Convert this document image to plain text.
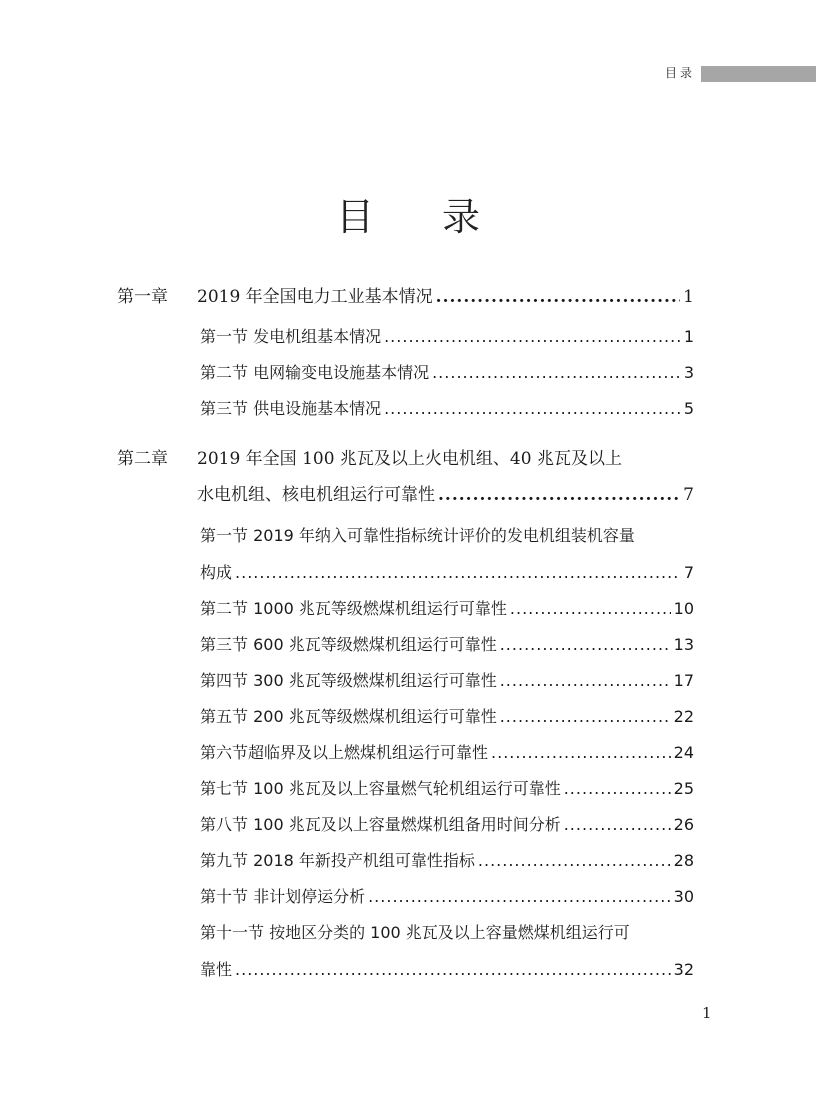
目录
目 录
第一章 2019 年全国电力工业基本情况 .....	1
第一节 发电机组基本情况 .....	1
第二节 电网输变电设施基本情况 .....	3
第三节 供电设施基本情况 .....	5
第二章 2019 年全国 100 兆瓦及以上火电机组、40 兆瓦及以上
水电机组、核电机组运行可靠性 .....	7
第一节 2019 年纳入可靠性指标统计评价的发电机组装机容量
构成 .....	7
第二节 1000 兆瓦等级燃煤机组运行可靠性 .....	10
第三节 600 兆瓦等级燃煤机组运行可靠性 .....	13
第四节 300 兆瓦等级燃煤机组运行可靠性 .....	17
第五节 200 兆瓦等级燃煤机组运行可靠性 .....	22
第六节超临界及以上燃煤机组运行可靠性 .....	24
第七节 100 兆瓦及以上容量燃气轮机组运行可靠性 .....	25
第八节 100 兆瓦及以上容量燃煤机组备用时间分析 .....	26
第九节 2018 年新投产机组可靠性指标 .....	28
第十节 非计划停运分析 .....	30
第十一节 按地区分类的 100 兆瓦及以上容量燃煤机组运行可
靠性 .....	32
1
